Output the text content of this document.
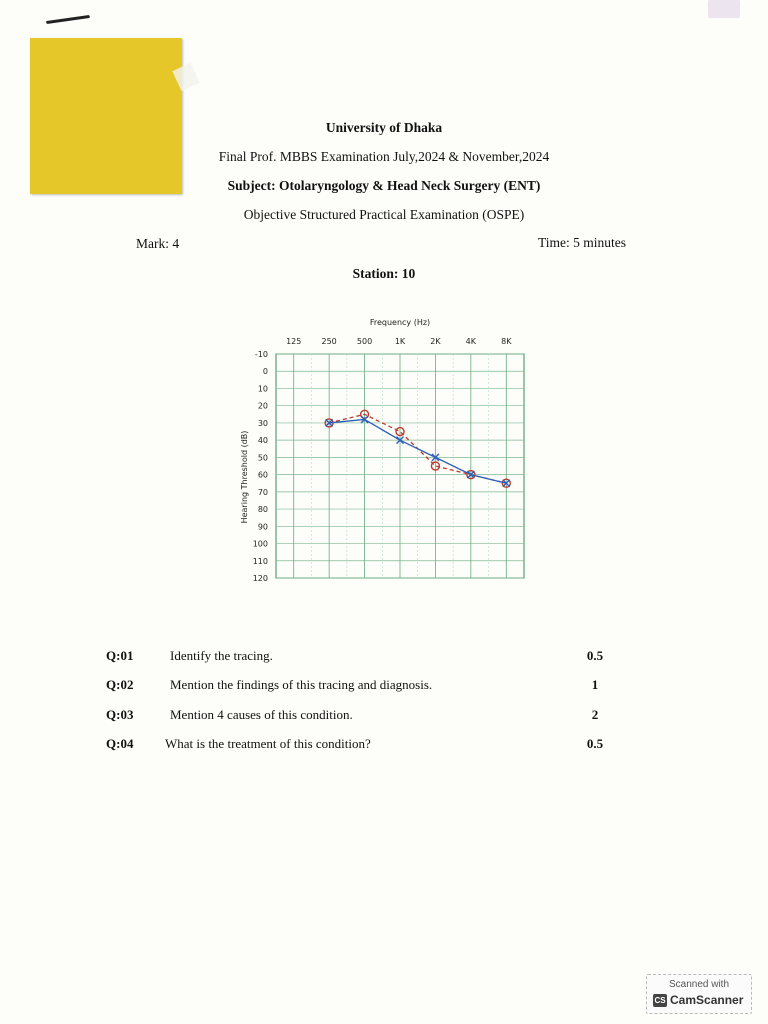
University of Dhaka
Final Prof. MBBS Examination July,2024 & November,2024
Subject: Otolaryngology & Head Neck Surgery (ENT)
Objective Structured Practical Examination (OSPE)
Mark: 4	Time: 5 minutes
Station: 10
125	250	500	1K	2K	4K	8K
-10
0
10
20
30
40
50
60
70
80
90
100
110
120
Frequency (Hz)
Hearing Threshold (dB)
Q:01	Identify the tracing.	0.5
Q:02	Mention the findings of this tracing and diagnosis.	1
Q:03	Mention 4 causes of this condition.	2
Q:04 What is the treatment of this condition?	0.5
Scanned with
CS CamScanner
